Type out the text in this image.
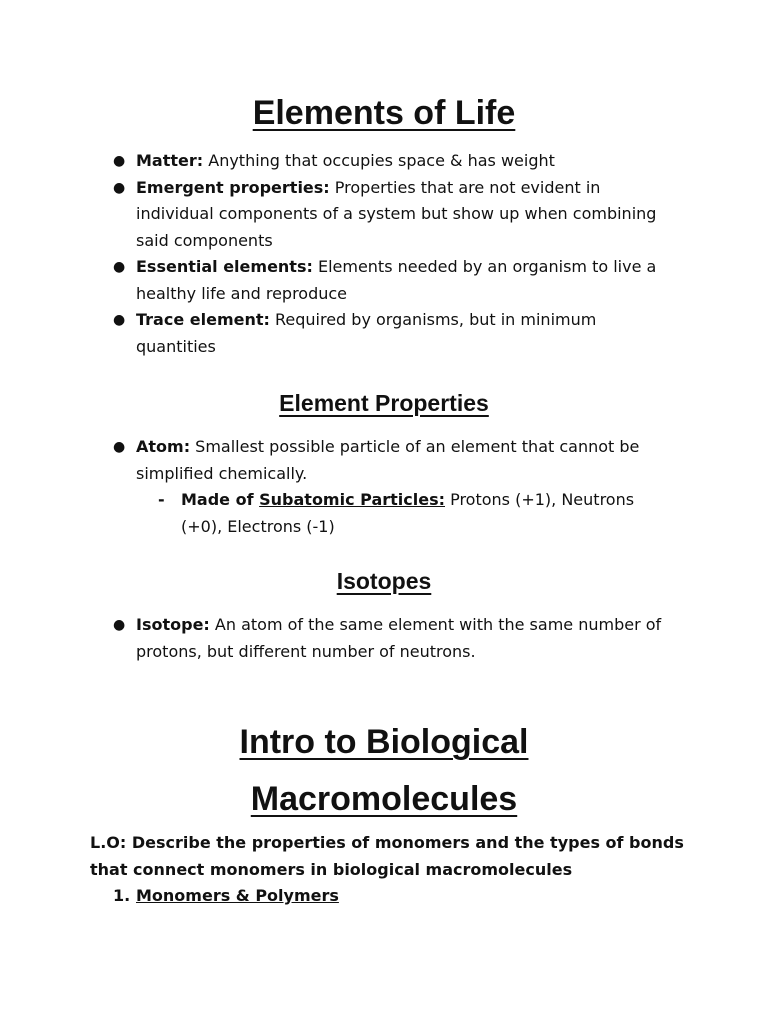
Elements of Life
● Matter: Anything that occupies space & has weight
● Emergent properties: Properties that are not evident in individual components of a system but show up when combining said components
● Essential elements: Elements needed by an organism to live a healthy life and reproduce
● Trace element: Required by organisms, but in minimum quantities
Element Properties
● Atom: Smallest possible particle of an element that cannot be simplified chemically.
- Made of Subatomic Particles: Protons (+1), Neutrons (+0), Electrons (-1)
Isotopes
● Isotope: An atom of the same element with the same number of protons, but different number of neutrons.
Intro to Biological
Macromolecules
L.O: Describe the properties of monomers and the types of bonds that connect monomers in biological macromolecules
1. Monomers & Polymers
